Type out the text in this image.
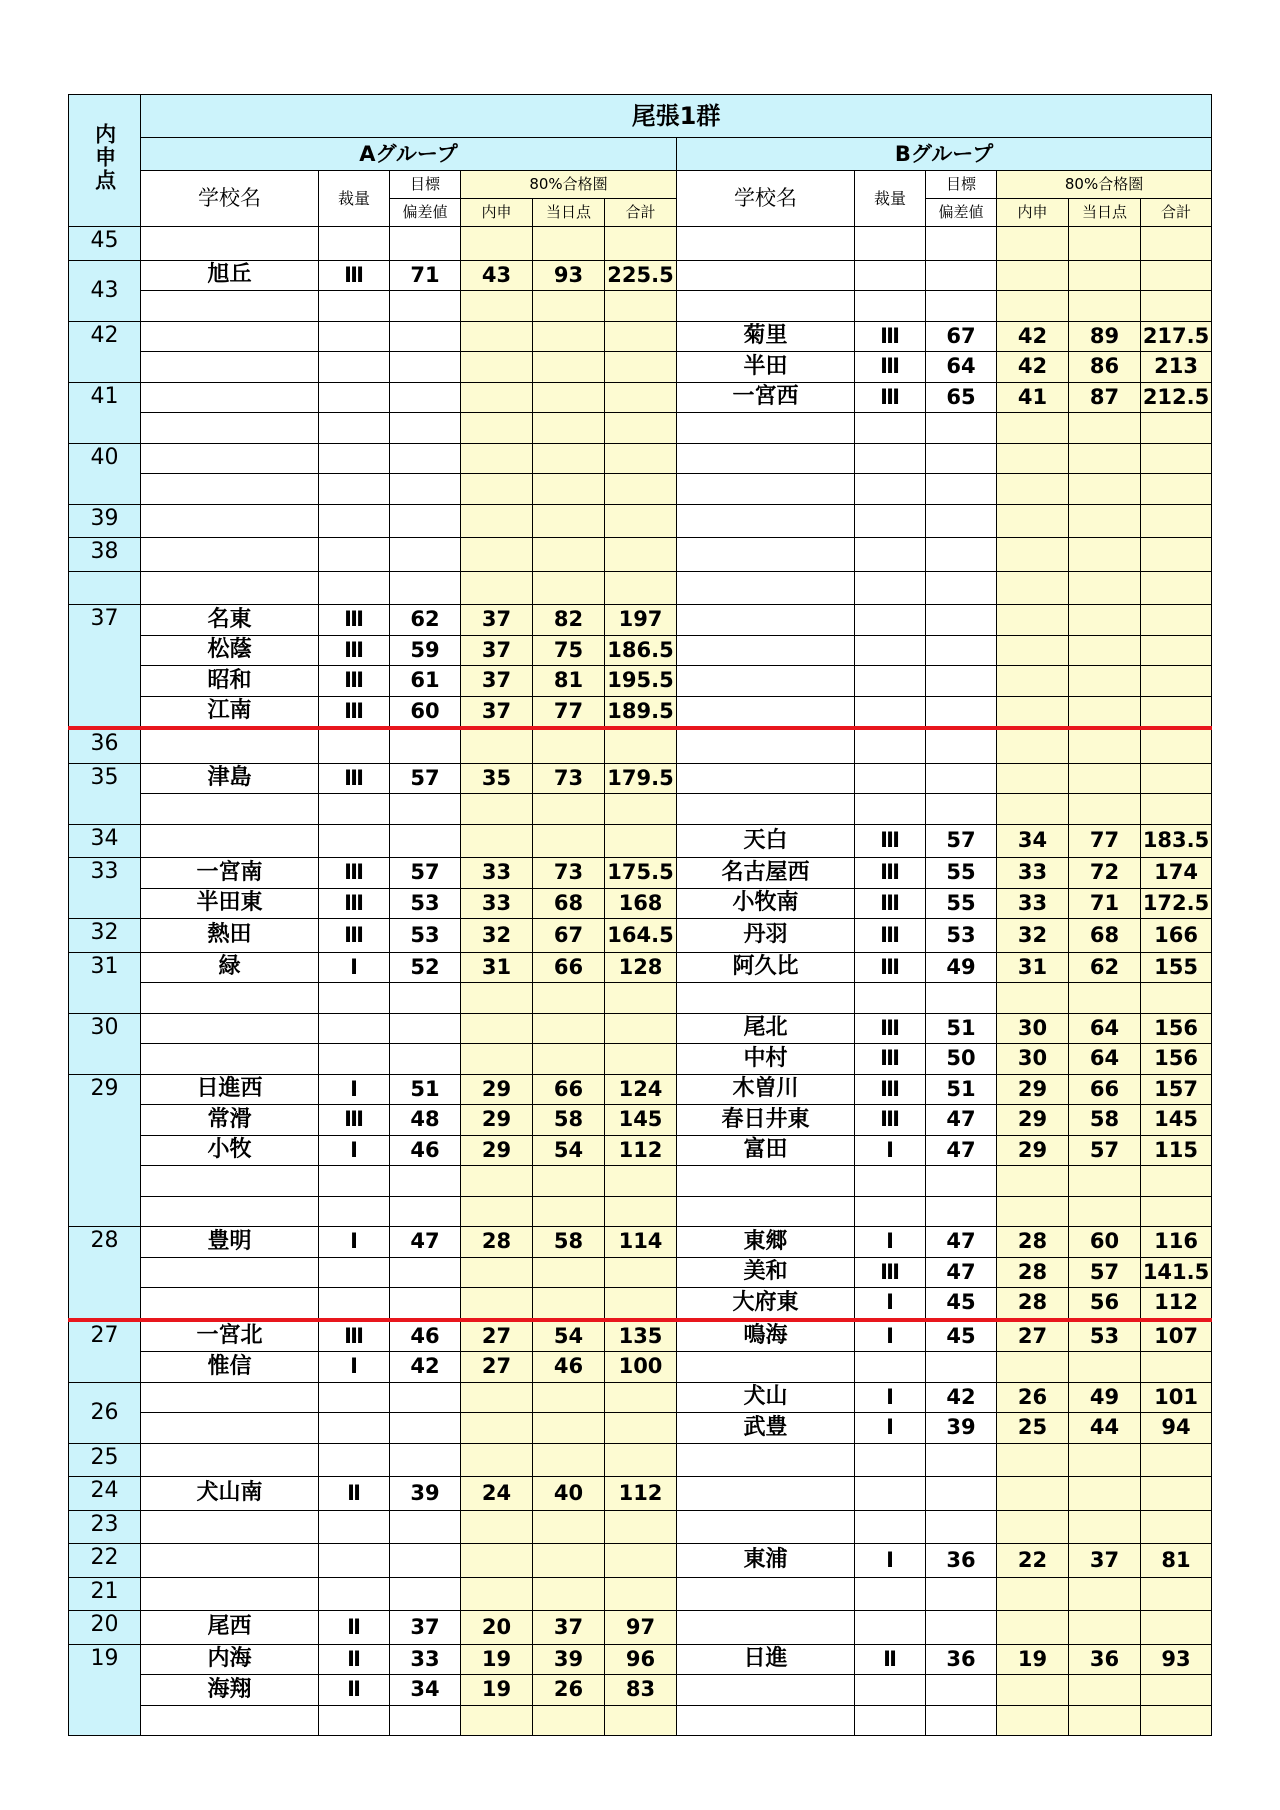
内申点	尾張1群											
	Aグループ						Bグループ					
	学校名	裁量	目標	80%合格圏			学校名	裁量	目標	80%合格圏		
			偏差値	内申	当日点	合計			偏差値	内申	当日点	合計
45												
43	旭丘	Ⅲ	71	43	93	225.5						

42							菊里	Ⅲ	67	42	89	217.5
							半田	Ⅲ	64	42	86	213
41							一宮西	Ⅲ	65	41	87	212.5

40												

39												
38												

37	名東	Ⅲ	62	37	82	197						
	松蔭	Ⅲ	59	37	75	186.5						
	昭和	Ⅲ	61	37	81	195.5						
	江南	Ⅲ	60	37	77	189.5						
36												
35	津島	Ⅲ	57	35	73	179.5						

34							天白	Ⅲ	57	34	77	183.5
33	一宮南	Ⅲ	57	33	73	175.5	名古屋西	Ⅲ	55	33	72	174
	半田東	Ⅲ	53	33	68	168	小牧南	Ⅲ	55	33	71	172.5
32	熱田	Ⅲ	53	32	67	164.5	丹羽	Ⅲ	53	32	68	166
31	緑	Ⅰ	52	31	66	128	阿久比	Ⅲ	49	31	62	155

30							尾北	Ⅲ	51	30	64	156
							中村	Ⅲ	50	30	64	156
29	日進西	Ⅰ	51	29	66	124	木曽川	Ⅲ	51	29	66	157
	常滑	Ⅲ	48	29	58	145	春日井東	Ⅲ	47	29	58	145
	小牧	Ⅰ	46	29	54	112	富田	Ⅰ	47	29	57	115

28	豊明	Ⅰ	47	28	58	114	東郷	Ⅰ	47	28	60	116
							美和	Ⅲ	47	28	57	141.5
							大府東	Ⅰ	45	28	56	112
27	一宮北	Ⅲ	46	27	54	135	鳴海	Ⅰ	45	27	53	107
	惟信	Ⅰ	42	27	46	100						
26							犬山	Ⅰ	42	26	49	101
							武豊	Ⅰ	39	25	44	94
25												
24	犬山南	Ⅱ	39	24	40	112						
23												
22							東浦	Ⅰ	36	22	37	81
21												
20	尾西	Ⅱ	37	20	37	97						
19	内海	Ⅱ	33	19	39	96	日進	Ⅱ	36	19	36	93
	海翔	Ⅱ	34	19	26	83						
